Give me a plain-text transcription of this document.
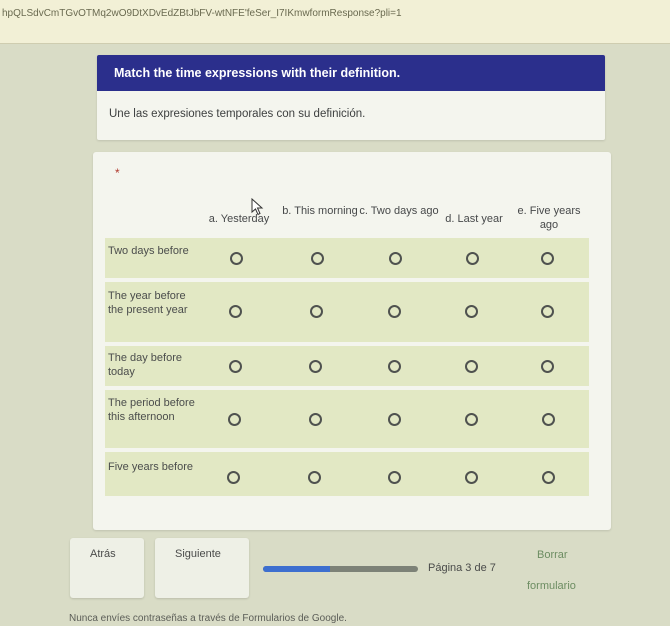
hpQLSdvCmTGvOTMq2wO9DtXDvEdZBtJbFV-wtNFE'feSer_I7IKmwformResponse?pli=1
Match the time expressions with their definition.
Une las expresiones temporales con su definición.
*
a. Yesterday
b. This morning c. Two days ago
d. Last year
e. Five years ago
Two days before
The year before the present year
The day before today
The period before this afternoon
Five years before
Atrás	Siguiente
Página 3 de 7
Borrar
formulario
Nunca envíes contraseñas a través de Formularios de Google.
